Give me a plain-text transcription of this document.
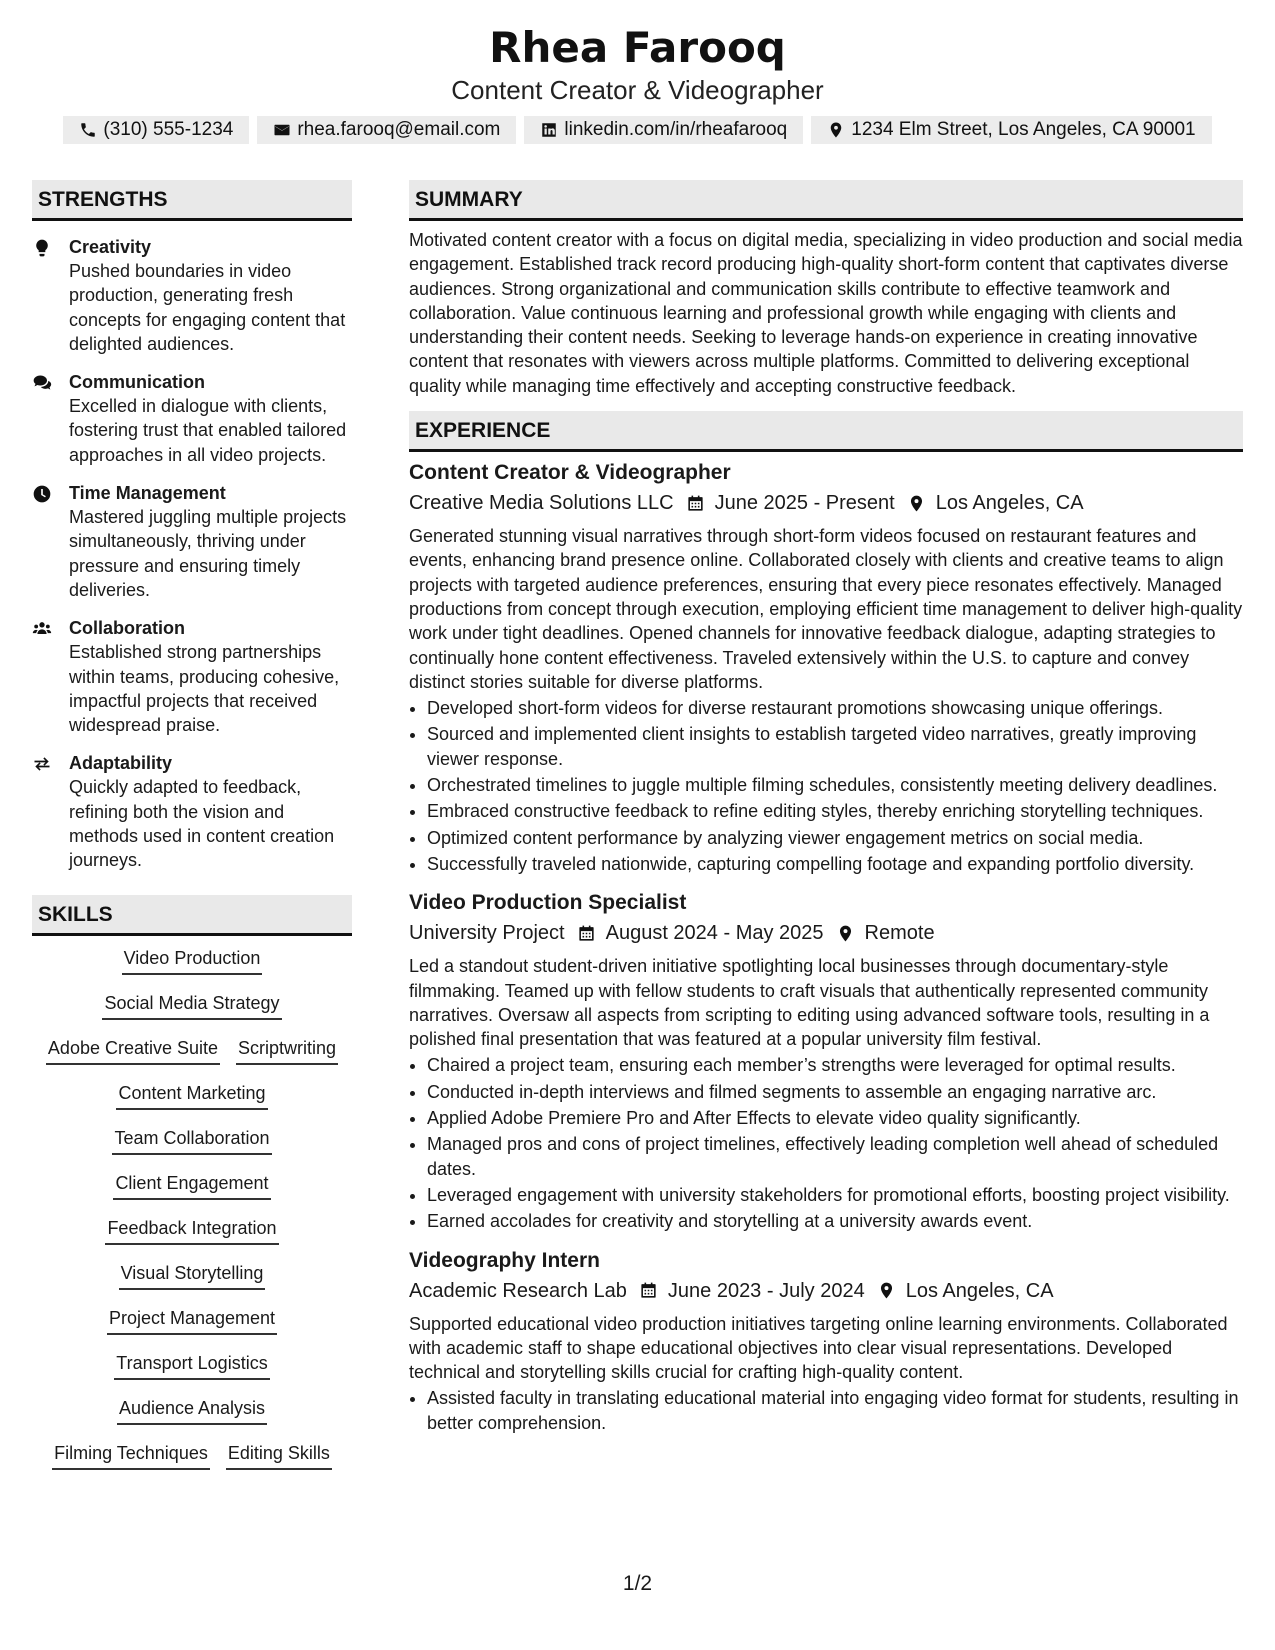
Rhea Farooq
Content Creator & Videographer
(310) 555-1234	rhea.farooq@email.com	linkedin.com/in/rheafarooq	1234 Elm Street, Los Angeles, CA 90001
STRENGTHS
Creativity
Pushed boundaries in video production, generating fresh concepts for engaging content that delighted audiences.
Communication
Excelled in dialogue with clients, fostering trust that enabled tailored approaches in all video projects.
Time Management
Mastered juggling multiple projects simultaneously, thriving under pressure and ensuring timely deliveries.
Collaboration
Established strong partnerships within teams, producing cohesive, impactful projects that received widespread praise.
Adaptability
Quickly adapted to feedback, refining both the vision and methods used in content creation journeys.
SKILLS
Video Production
Social Media Strategy
Adobe Creative Suite Scriptwriting
Content Marketing
Team Collaboration
Client Engagement
Feedback Integration
Visual Storytelling
Project Management
Transport Logistics
Audience Analysis
Filming Techniques Editing Skills
SUMMARY
Motivated content creator with a focus on digital media, specializing in video production and social media engagement. Established track record producing high-quality short-form content that captivates diverse audiences. Strong organizational and communication skills contribute to effective teamwork and collaboration. Value continuous learning and professional growth while engaging with clients and understanding their content needs. Seeking to leverage hands-on experience in creating innovative content that resonates with viewers across multiple platforms. Committed to delivering exceptional quality while managing time effectively and accepting constructive feedback.
EXPERIENCE
Content Creator & Videographer
Creative Media Solutions LLC June 2025 - Present Los Angeles, CA
Generated stunning visual narratives through short-form videos focused on restaurant features and events, enhancing brand presence online. Collaborated closely with clients and creative teams to align projects with targeted audience preferences, ensuring that every piece resonates effectively. Managed productions from concept through execution, employing efficient time management to deliver high-quality work under tight deadlines. Opened channels for innovative feedback dialogue, adapting strategies to continually hone content effectiveness. Traveled extensively within the U.S. to capture and convey distinct stories suitable for diverse platforms.
• Developed short-form videos for diverse restaurant promotions showcasing unique offerings.
• Sourced and implemented client insights to establish targeted video narratives, greatly improving viewer response.
• Orchestrated timelines to juggle multiple filming schedules, consistently meeting delivery deadlines.
• Embraced constructive feedback to refine editing styles, thereby enriching storytelling techniques.
• Optimized content performance by analyzing viewer engagement metrics on social media.
• Successfully traveled nationwide, capturing compelling footage and expanding portfolio diversity.
Video Production Specialist
University Project August 2024 - May 2025 Remote
Led a standout student-driven initiative spotlighting local businesses through documentary-style filmmaking. Teamed up with fellow students to craft visuals that authentically represented community narratives. Oversaw all aspects from scripting to editing using advanced software tools, resulting in a polished final presentation that was featured at a popular university film festival.
• Chaired a project team, ensuring each member’s strengths were leveraged for optimal results.
• Conducted in-depth interviews and filmed segments to assemble an engaging narrative arc.
• Applied Adobe Premiere Pro and After Effects to elevate video quality significantly.
• Managed pros and cons of project timelines, effectively leading completion well ahead of scheduled dates.
• Leveraged engagement with university stakeholders for promotional efforts, boosting project visibility.
• Earned accolades for creativity and storytelling at a university awards event.
Videography Intern
Academic Research Lab June 2023 - July 2024 Los Angeles, CA
Supported educational video production initiatives targeting online learning environments. Collaborated with academic staff to shape educational objectives into clear visual representations. Developed technical and storytelling skills crucial for crafting high-quality content.
• Assisted faculty in translating educational material into engaging video format for students, resulting in better comprehension.
1/2
